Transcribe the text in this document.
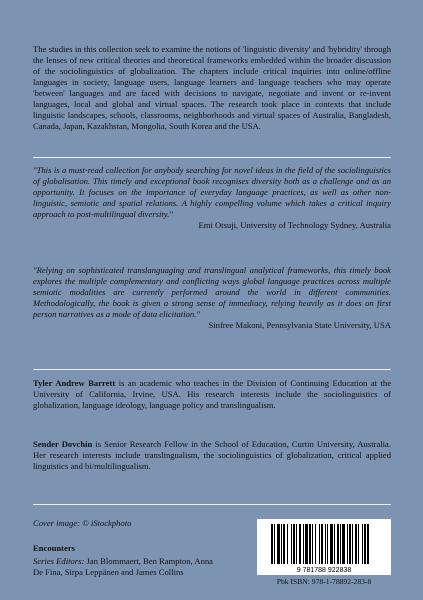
The studies in this collection seek to examine the notions of 'linguistic diversity' and 'hybridity' through the lenses of new critical theories and theoretical frameworks embedded within the broader discussion of the sociolinguistics of globalization. The chapters include critical inquiries into online/offline languages in society, language users, language learners and language teachers who may operate 'between' languages and are faced with decisions to navigate, negotiate and invent or re-invent languages, local and global and virtual spaces. The research took place in contexts that include linguistic landscapes, schools, classrooms, neighborhoods and virtual spaces of Australia, Bangladesh, Canada, Japan, Kazakhstan, Mongolia, South Korea and the USA.

"This is a must-read collection for anybody searching for novel ideas in the field of the sociolinguistics of globalisation. This timely and exceptional book recognises diversity both as a challenge and as an opportunity. It focuses on the importance of everyday language practices, as well as other non-linguistic, semiotic and spatial relations. A highly compelling volume which takes a critical inquiry approach to post-multilingual diversity."
Emi Otsuji, University of Technology Sydney, Australia
"Relying on sophisticated translanguaging and translingual analytical frameworks, this timely book explores the multiple complementary and conflicting ways global language practices across multiple semiotic modalities are currently performed around the world in different communities. Methodologically, the book is given a strong sense of immediacy, relying heavily as it does on first person narratives as a mode of data elicitation."
Sinfree Makoni, Pennsylvania State University, USA
Tyler Andrew Barrett is an academic who teaches in the Division of Continuing Education at the University of California, Irvine, USA. His research interests include the sociolinguistics of globalization, language ideology, language policy and translingualism.
Sender Dovchin is Senior Research Fellow in the School of Education, Curtin University, Australia. Her research interests include translingualism, the sociolinguistics of globalization, critical applied linguistics and bi/multilingualism.
Cover image: © iStockphoto
Encounters
Series Editors: Jan Blommaert, Ben Rampton, Anna De Fina, Sirpa Leppänen and James Collins	9 781788 922838
Pbk ISBN: 978-1-78892-283-8
